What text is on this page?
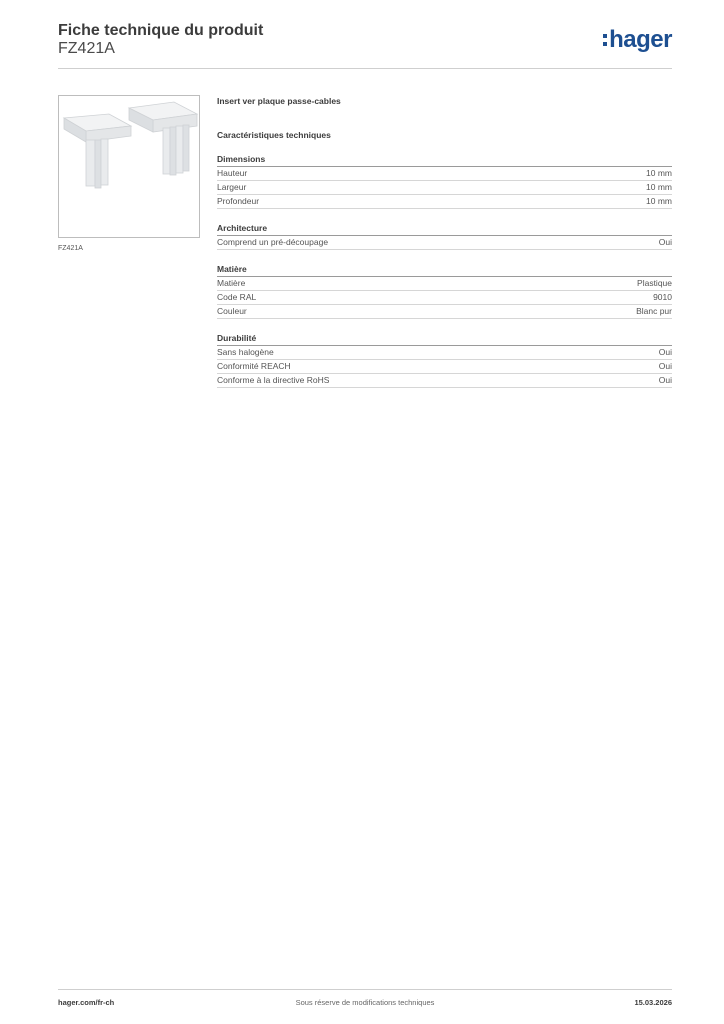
Fiche technique du produit
FZ421A	hager
FZ421A
Insert ver plaque passe-cables
Caractéristiques techniques
Dimensions
Hauteur	10 mm
Largeur	10 mm
Profondeur	10 mm
Architecture
Comprend un pré-découpage	Oui
Matière
Matière	Plastique
Code RAL	9010
Couleur	Blanc pur
Durabilité
Sans halogène	Oui
Conformité REACH	Oui
Conforme à la directive RoHS	Oui
hager.com/fr-ch	Sous réserve de modifications techniques	15.03.2026
